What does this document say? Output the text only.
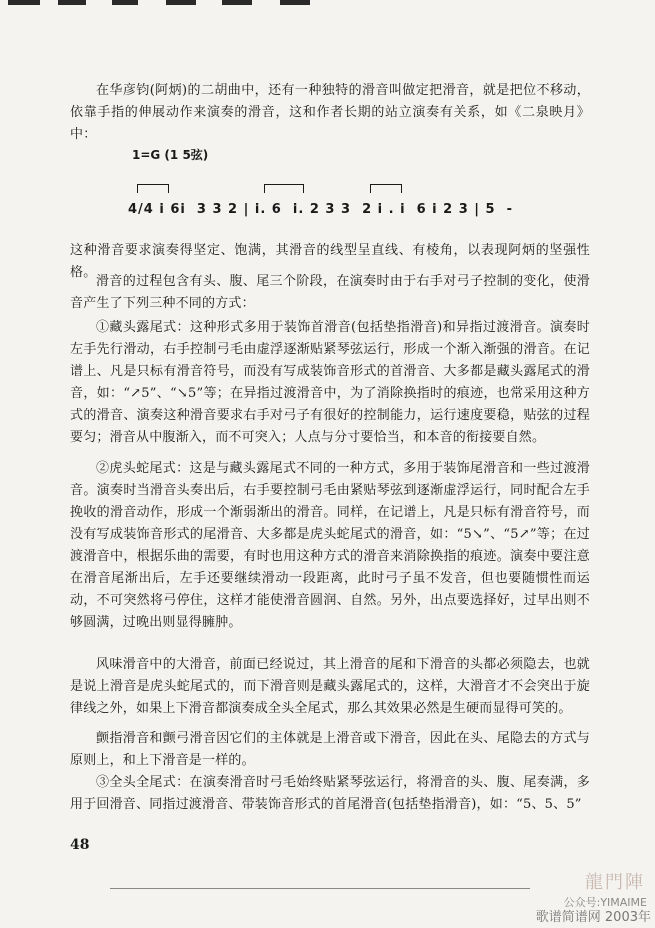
在华彦钧(阿炳)的二胡曲中，还有一种独特的滑音叫做定把滑音，就是把位不移动，依靠手指的伸展动作来演奏的滑音，这和作者长期的站立演奏有关系，如《二泉映月》中：

1=G (1 5弦)
4/4 i 6i  3 3 2 | i. 6  i. 2 3 3  2 i . i  6 i 2 3 | 5  -

这种滑音要求演奏得坚定、饱满，其滑音的线型呈直线、有棱角，以表现阿炳的坚强性格。

滑音的过程包含有头、腹、尾三个阶段，在演奏时由于右手对弓子控制的变化，使滑音产生了下列三种不同的方式：

①藏头露尾式：这种形式多用于装饰首滑音(包括垫指滑音)和异指过渡滑音。演奏时左手先行滑动，右手控制弓毛由虚浮逐渐贴紧琴弦运行，形成一个渐入渐强的滑音。在记谱上、凡是只标有滑音符号，而没有写成装饰音形式的首滑音、大多都是藏头露尾式的滑音，如：“↗5”、“↘5”等；在异指过渡滑音中，为了消除换指时的痕迹，也常采用这种方式的滑音、演奏这种滑音要求右手对弓子有很好的控制能力，运行速度要稳，贴弦的过程要匀；滑音从中腹渐入，而不可突入；人点与分寸要恰当，和本音的衔接要自然。

②虎头蛇尾式：这是与藏头露尾式不同的一种方式，多用于装饰尾滑音和一些过渡滑音。演奏时当滑音头奏出后，右手要控制弓毛由紧贴琴弦到逐渐虚浮运行，同时配合左手挽收的滑音动作，形成一个渐弱渐出的滑音。同样，在记谱上，凡是只标有滑音符号，而没有写成装饰音形式的尾滑音、大多都是虎头蛇尾式的滑音，如：“5↘”、“5↗”等；在过渡滑音中，根据乐曲的需要，有时也用这种方式的滑音来消除换指的痕迹。演奏中要注意在滑音尾渐出后，左手还要继续滑动一段距离，此时弓子虽不发音，但也要随惯性而运动，不可突然将弓停住，这样才能使滑音圆润、自然。另外，出点要选择好，过早出则不够圆满，过晚出则显得臃肿。

风味滑音中的大滑音，前面已经说过，其上滑音的尾和下滑音的头都必须隐去，也就是说上滑音是虎头蛇尾式的，而下滑音则是藏头露尾式的，这样，大滑音才不会突出于旋律线之外，如果上下滑音都演奏成全头全尾式，那么其效果必然是生硬而显得可笑的。

颤指滑音和颤弓滑音因它们的主体就是上滑音或下滑音，因此在头、尾隐去的方式与原则上，和上下滑音是一样的。

③全头全尾式：在演奏滑音时弓毛始终贴紧琴弦运行，将滑音的头、腹、尾奏满，多用于回滑音、同指过渡滑音、带装饰音形式的首尾滑音(包括垫指滑音)，如：“5、5、5”

48
龍門陣
公众号:YIMAIME
歌谱简谱网 2003年
